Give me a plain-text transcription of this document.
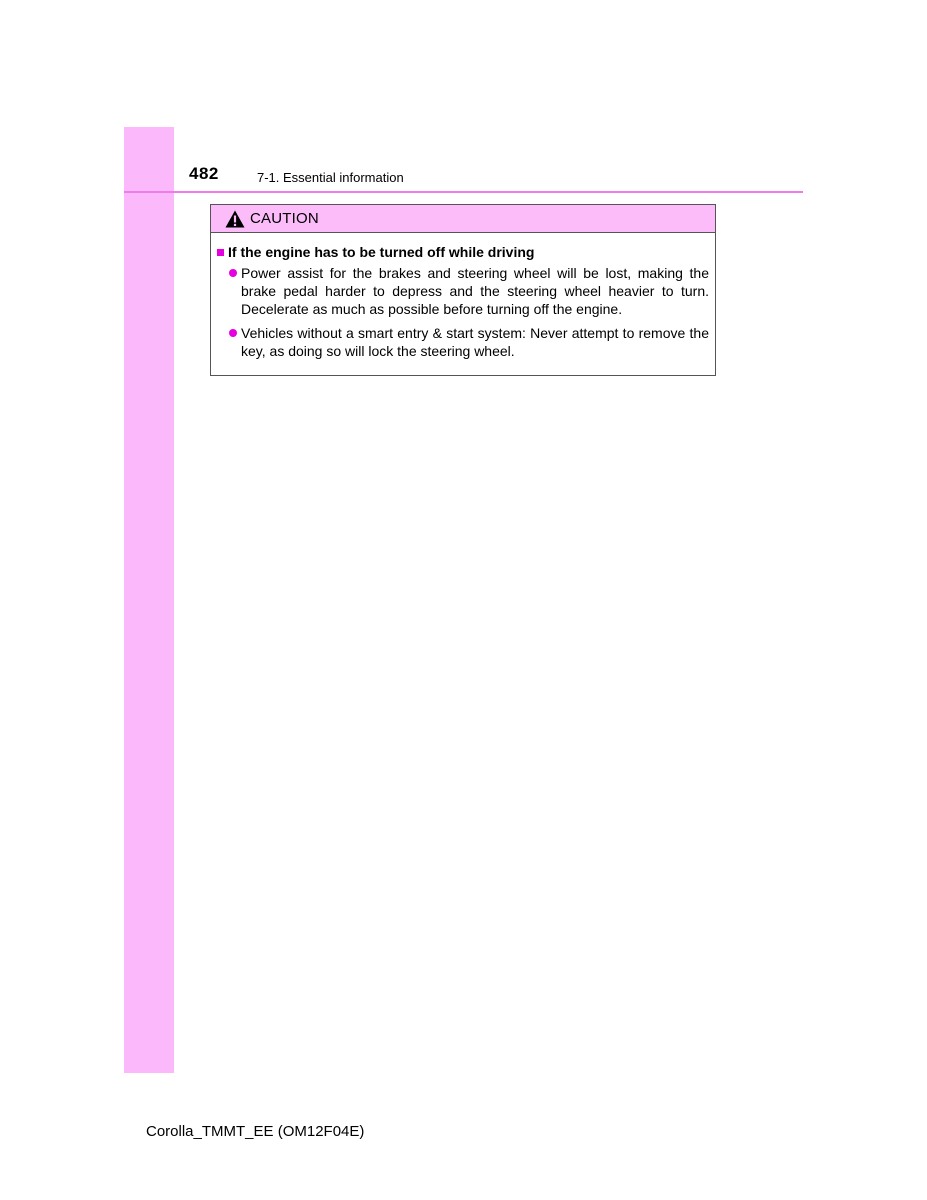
482	7-1. Essential information
CAUTION
If the engine has to be turned off while driving
Power assist for the brakes and steering wheel will be lost, making the brake pedal harder to depress and the steering wheel heavier to turn. Decelerate as much as possible before turning off the engine.
Vehicles without a smart entry & start system: Never attempt to remove the key, as doing so will lock the steering wheel.
Corolla_TMMT_EE (OM12F04E)
